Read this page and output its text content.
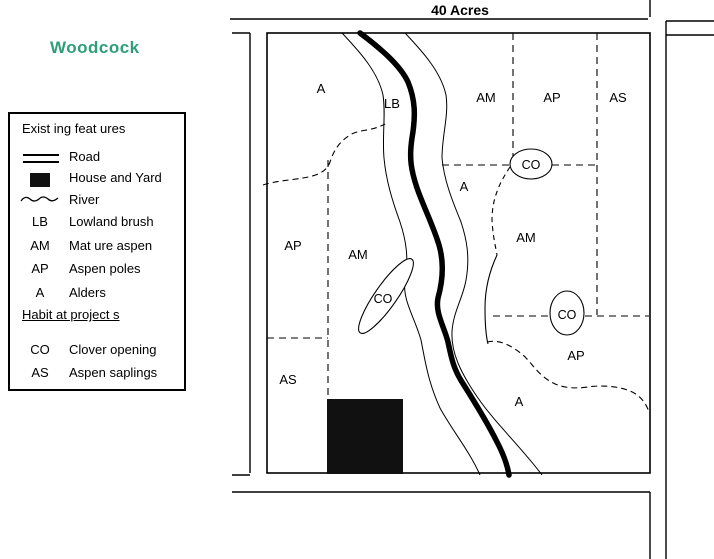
Woodcock
40 Acres
Exist ing feat ures
Road
House and Yard
River
LB	Lowland brush
AM	Mat ure aspen
AP	Aspen poles
A	Alders
Habit at project s
CO	Clover opening
AS	Aspen saplings
A
LB	AM	AP	AS
CO
A
AM
AP
AM
CO
CO
AS
AP
A
